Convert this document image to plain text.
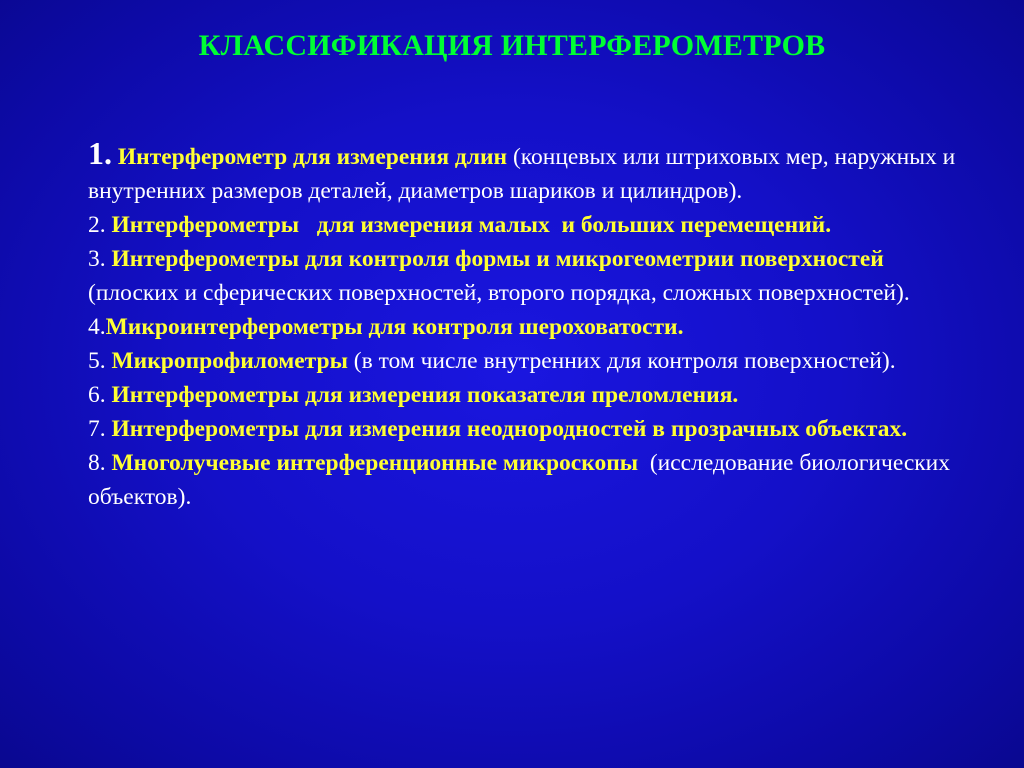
КЛАССИФИКАЦИЯ ИНТЕРФЕРОМЕТРОВ

1. Интерферометр для измерения длин (концевых или штриховых мер, наружных и внутренних размеров деталей, диаметров шариков и цилиндров).

2. Интерферометры   для измерения малых  и больших перемещений.

3. Интерферометры для контроля формы и микрогеометрии поверхностей (плоских и сферических поверхностей, второго порядка, сложных поверхностей).

4.Микроинтерферометры для контроля шероховатости.

5. Микропрофилометры (в том числе внутренних для контроля поверхностей).

6. Интерферометры для измерения показателя преломления.

7. Интерферометры для измерения неоднородностей в прозрачных объектах.

8. Многолучевые интерференционные микроскопы  (исследование биологических объектов).
